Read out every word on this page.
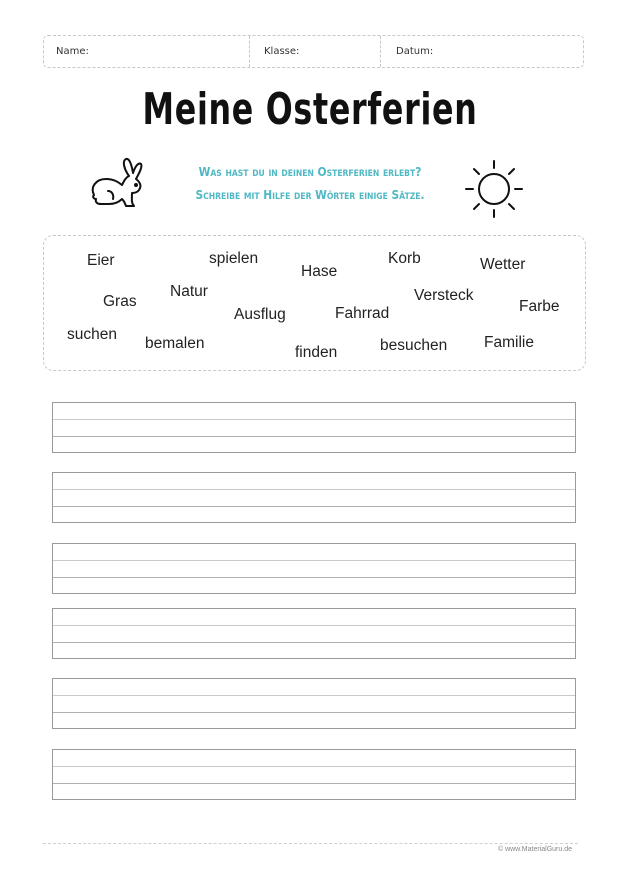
Name:	Klasse:	Datum:
Meine Osterferien
Was hast du in deinen Osterferien erlebt?
Schreibe mit Hilfe der Wörter einige Sätze.
Eier	spielen
Hase
Korb	Wetter
Gras
Natur
Ausflug	Fahrrad
Versteck
Farbe
suchen
bemalen
finden	besuchen Familie
© www.MaterialGuru.de
